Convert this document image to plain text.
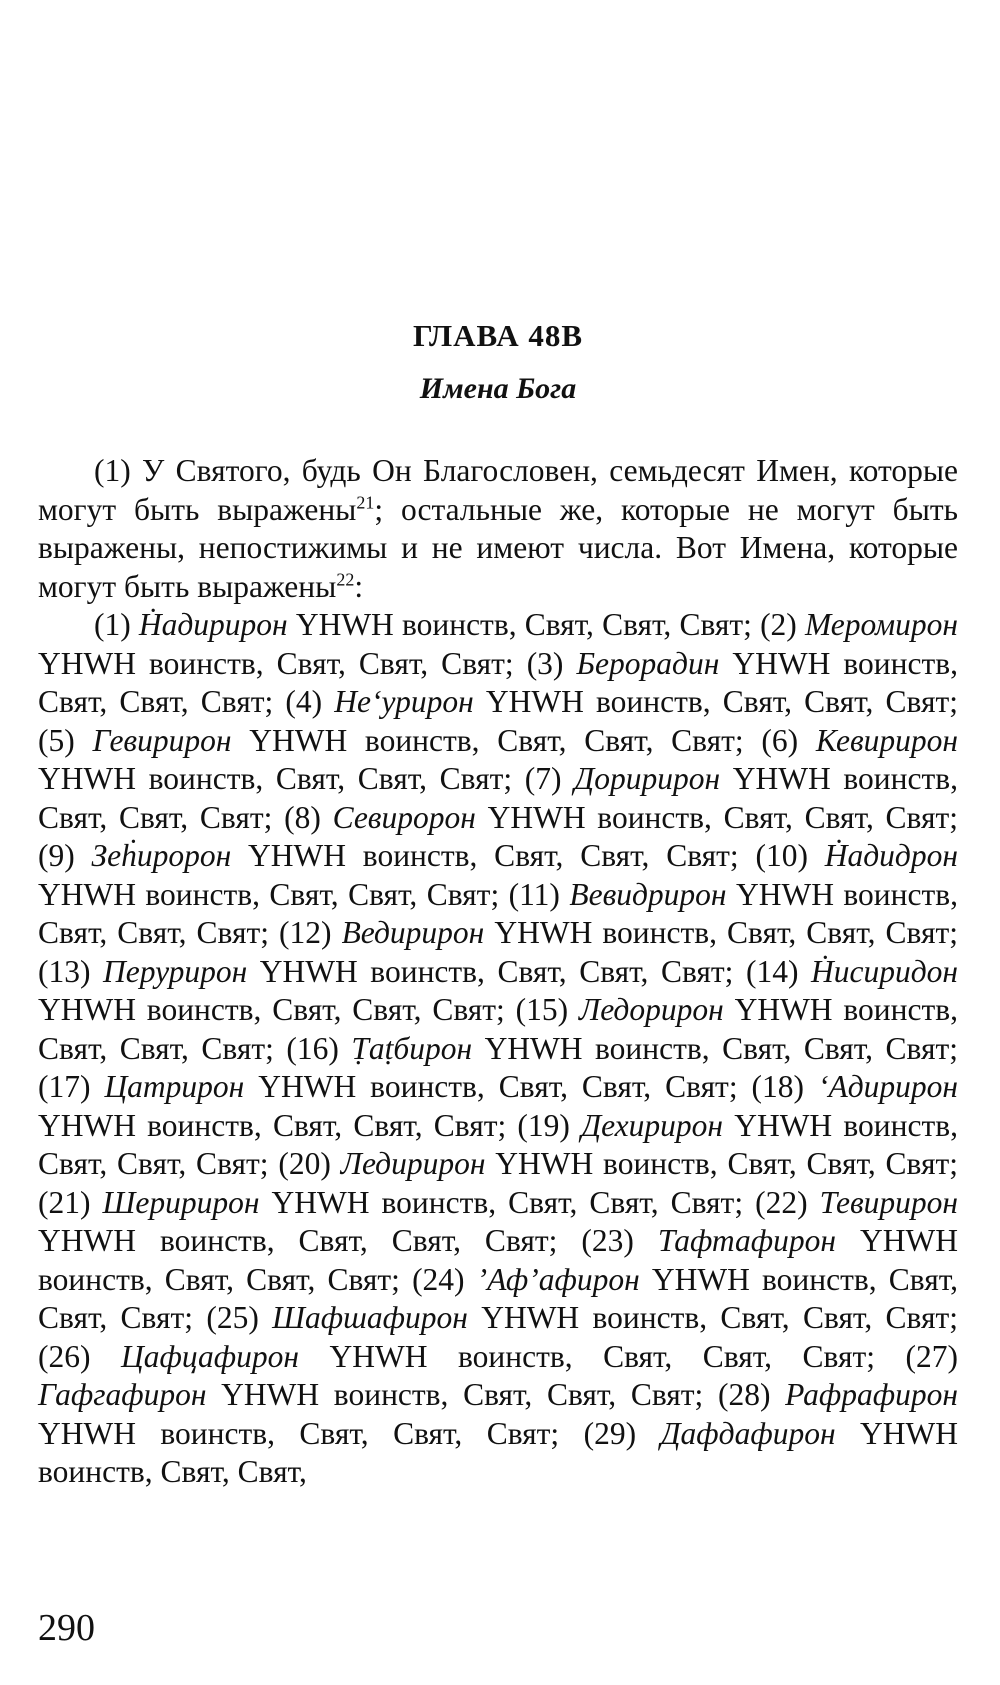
ГЛАВА 48В
Имена Бога

(1) У Святого, будь Он Благословен, семьдесят Имен, которые могут быть выражены$^{21}$; остальные же, которые не могут быть выражены, непостижимы и не имеют числа. Вот Имена, которые могут быть выражены$^{22}$:

(1) Ḣадирирон YHWH воинств, Свят, Свят, Свят; (2) Меромирон YHWH воинств, Свят, Свят, Свят; (3) Берорадин YHWH воинств, Свят, Свят, Свят; (4) Не‘урирон YHWH воинств, Свят, Свят, Свят; (5) Гевирирон YHWH воинств, Свят, Свят, Свят; (6) Кевирирон YHWH воинств, Свят, Свят, Свят; (7) Доририрон YHWH воинств, Свят, Свят, Свят; (8) Севиророн YHWH воинств, Свят, Свят, Свят; (9) Зеḣиророн YHWH воинств, Свят, Свят, Свят; (10) Ḣадидрон YHWH воинств, Свят, Свят, Свят; (11) Вевидрирон YHWH воинств, Свят, Свят, Свят; (12) Ведирирон YHWH воинств, Свят, Свят, Свят; (13) Перурирон YHWH воинств, Свят, Свят, Свят; (14) Ḣисиридон YHWH воинств, Свят, Свят, Свят; (15) Ледорирон YHWH воинств, Свят, Свят, Свят; (16) Ṭаṭбирон YHWH воинств, Свят, Свят, Свят; (17) Цатрирон YHWH воинств, Свят, Свят, Свят; (18) ‘Адирирон YHWH воинств, Свят, Свят, Свят; (19) Дехирирон YHWH воинств, Свят, Свят, Свят; (20) Ледирирон YHWH воинств, Свят, Свят, Свят; (21) Шеририрон YHWH воинств, Свят, Свят, Свят; (22) Тевирирон YHWH воинств, Свят, Свят, Свят; (23) Тафтафирон YHWH воинств, Свят, Свят, Свят; (24) ’Аф’афирон YHWH воинств, Свят, Свят, Свят; (25) Шафшафирон YHWH воинств, Свят, Свят, Свят; (26) Цафцафирон YHWH воинств, Свят, Свят, Свят; (27) Гафгафирон YHWH воинств, Свят, Свят, Свят; (28) Рафрафирон YHWH воинств, Свят, Свят, Свят; (29) Дафдафирон YHWH воинств, Свят, Свят,

290
